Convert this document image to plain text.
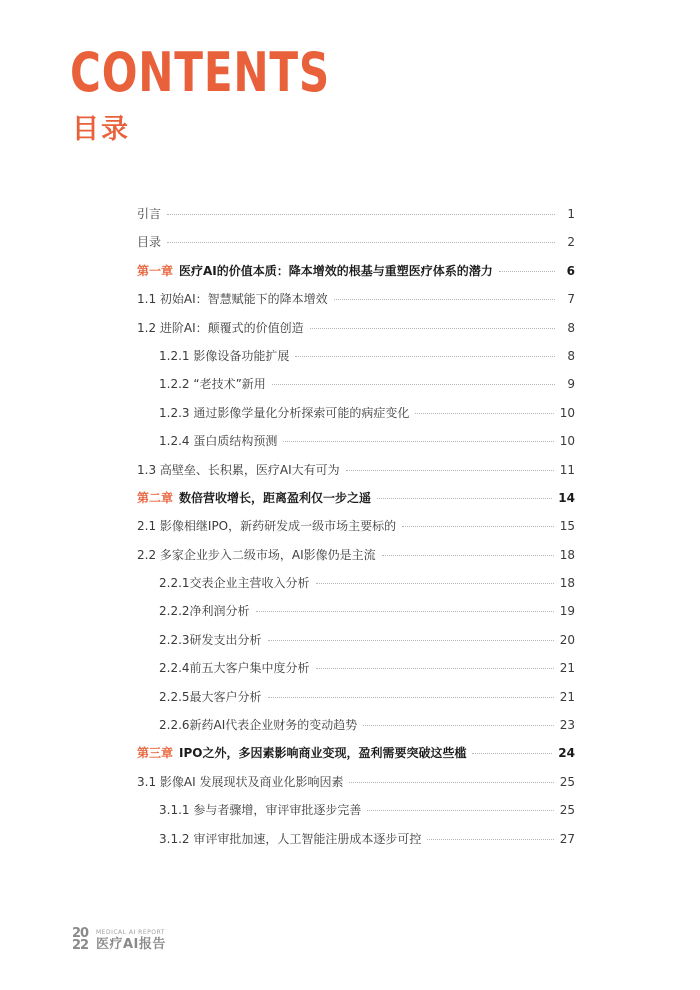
CONTENTS
目录
引言	1
目录	2
第一章 医疗AI的价值本质：降本增效的根基与重塑医疗体系的潜力	6
1.1 初始AI：智慧赋能下的降本增效	7
1.2 进阶AI：颠覆式的价值创造	8
1.2.1 影像设备功能扩展	8
1.2.2 “老技术”新用	9
1.2.3 通过影像学量化分析探索可能的病症变化	10
1.2.4 蛋白质结构预测	10
1.3 高壁垒、长积累，医疗AI大有可为	11
第二章 数倍营收增长，距离盈利仅一步之遥	14
2.1 影像相继IPO，新药研发成一级市场主要标的	15
2.2 多家企业步入二级市场，AI影像仍是主流	18
2.2.1交表企业主营收入分析	18
2.2.2净利润分析	19
2.2.3研发支出分析	20
2.2.4前五大客户集中度分析	21
2.2.5最大客户分析	21
2.2.6新药AI代表企业财务的变动趋势	23
第三章 IPO之外，多因素影响商业变现，盈利需要突破这些槛	24
3.1 影像AI 发展现状及商业化影响因素	25
3.1.1 参与者骤增，审评审批逐步完善	25
3.1.2 审评审批加速，人工智能注册成本逐步可控	27
20
22
MEDICAL AI REPORT
医疗AI报告
